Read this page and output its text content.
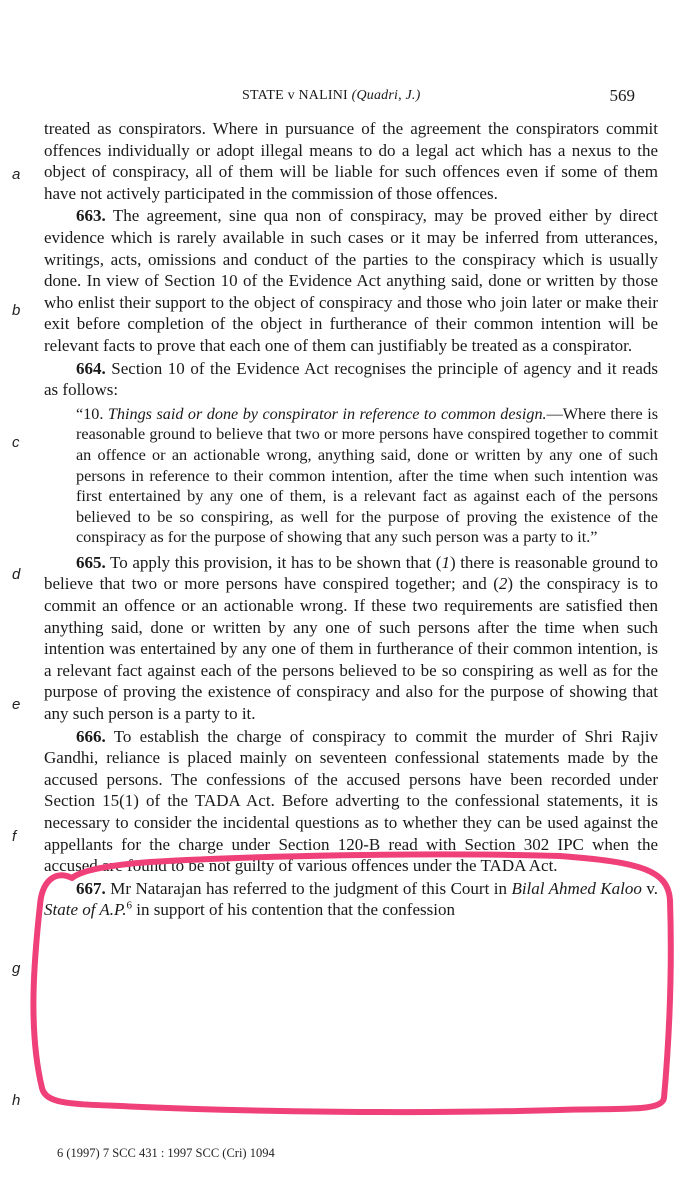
STATE v NALINI (Quadri, J.)	569
a
b
c
d
e
f
g
h

treated as conspirators. Where in pursuance of the agreement the conspirators commit offences individually or adopt illegal means to do a legal act which has a nexus to the object of conspiracy, all of them will be liable for such offences even if some of them have not actively participated in the commission of those offences.

663. The agreement, sine qua non of conspiracy, may be proved either by direct evidence which is rarely available in such cases or it may be inferred from utterances, writings, acts, omissions and conduct of the parties to the conspiracy which is usually done. In view of Section 10 of the Evidence Act anything said, done or written by those who enlist their support to the object of conspiracy and those who join later or make their exit before completion of the object in furtherance of their common intention will be relevant facts to prove that each one of them can justifiably be treated as a conspirator.

664. Section 10 of the Evidence Act recognises the principle of agency and it reads as follows:

“10. Things said or done by conspirator in reference to common design.—Where there is reasonable ground to believe that two or more persons have conspired together to commit an offence or an actionable wrong, anything said, done or written by any one of such persons in reference to their common intention, after the time when such intention was first entertained by any one of them, is a relevant fact as against each of the persons believed to be so conspiring, as well for the purpose of proving the existence of the conspiracy as for the purpose of showing that any such person was a party to it.”

665. To apply this provision, it has to be shown that (1) there is reasonable ground to believe that two or more persons have conspired together; and (2) the conspiracy is to commit an offence or an actionable wrong. If these two requirements are satisfied then anything said, done or written by any one of such persons after the time when such intention was entertained by any one of them in furtherance of their common intention, is a relevant fact against each of the persons believed to be so conspiring as well as for the purpose of proving the existence of conspiracy and also for the purpose of showing that any such person is a party to it.

666. To establish the charge of conspiracy to commit the murder of Shri Rajiv Gandhi, reliance is placed mainly on seventeen confessional statements made by the accused persons. The confessions of the accused persons have been recorded under Section 15(1) of the TADA Act. Before adverting to the confessional statements, it is necessary to consider the incidental questions as to whether they can be used against the appellants for the charge under Section 120-B read with Section 302 IPC when the accused are found to be not guilty of various offences under the TADA Act.

667. Mr Natarajan has referred to the judgment of this Court in Bilal Ahmed Kaloo v. State of A.P.$^6$ in support of his contention that the confession

6 (1997) 7 SCC 431 : 1997 SCC (Cri) 1094
